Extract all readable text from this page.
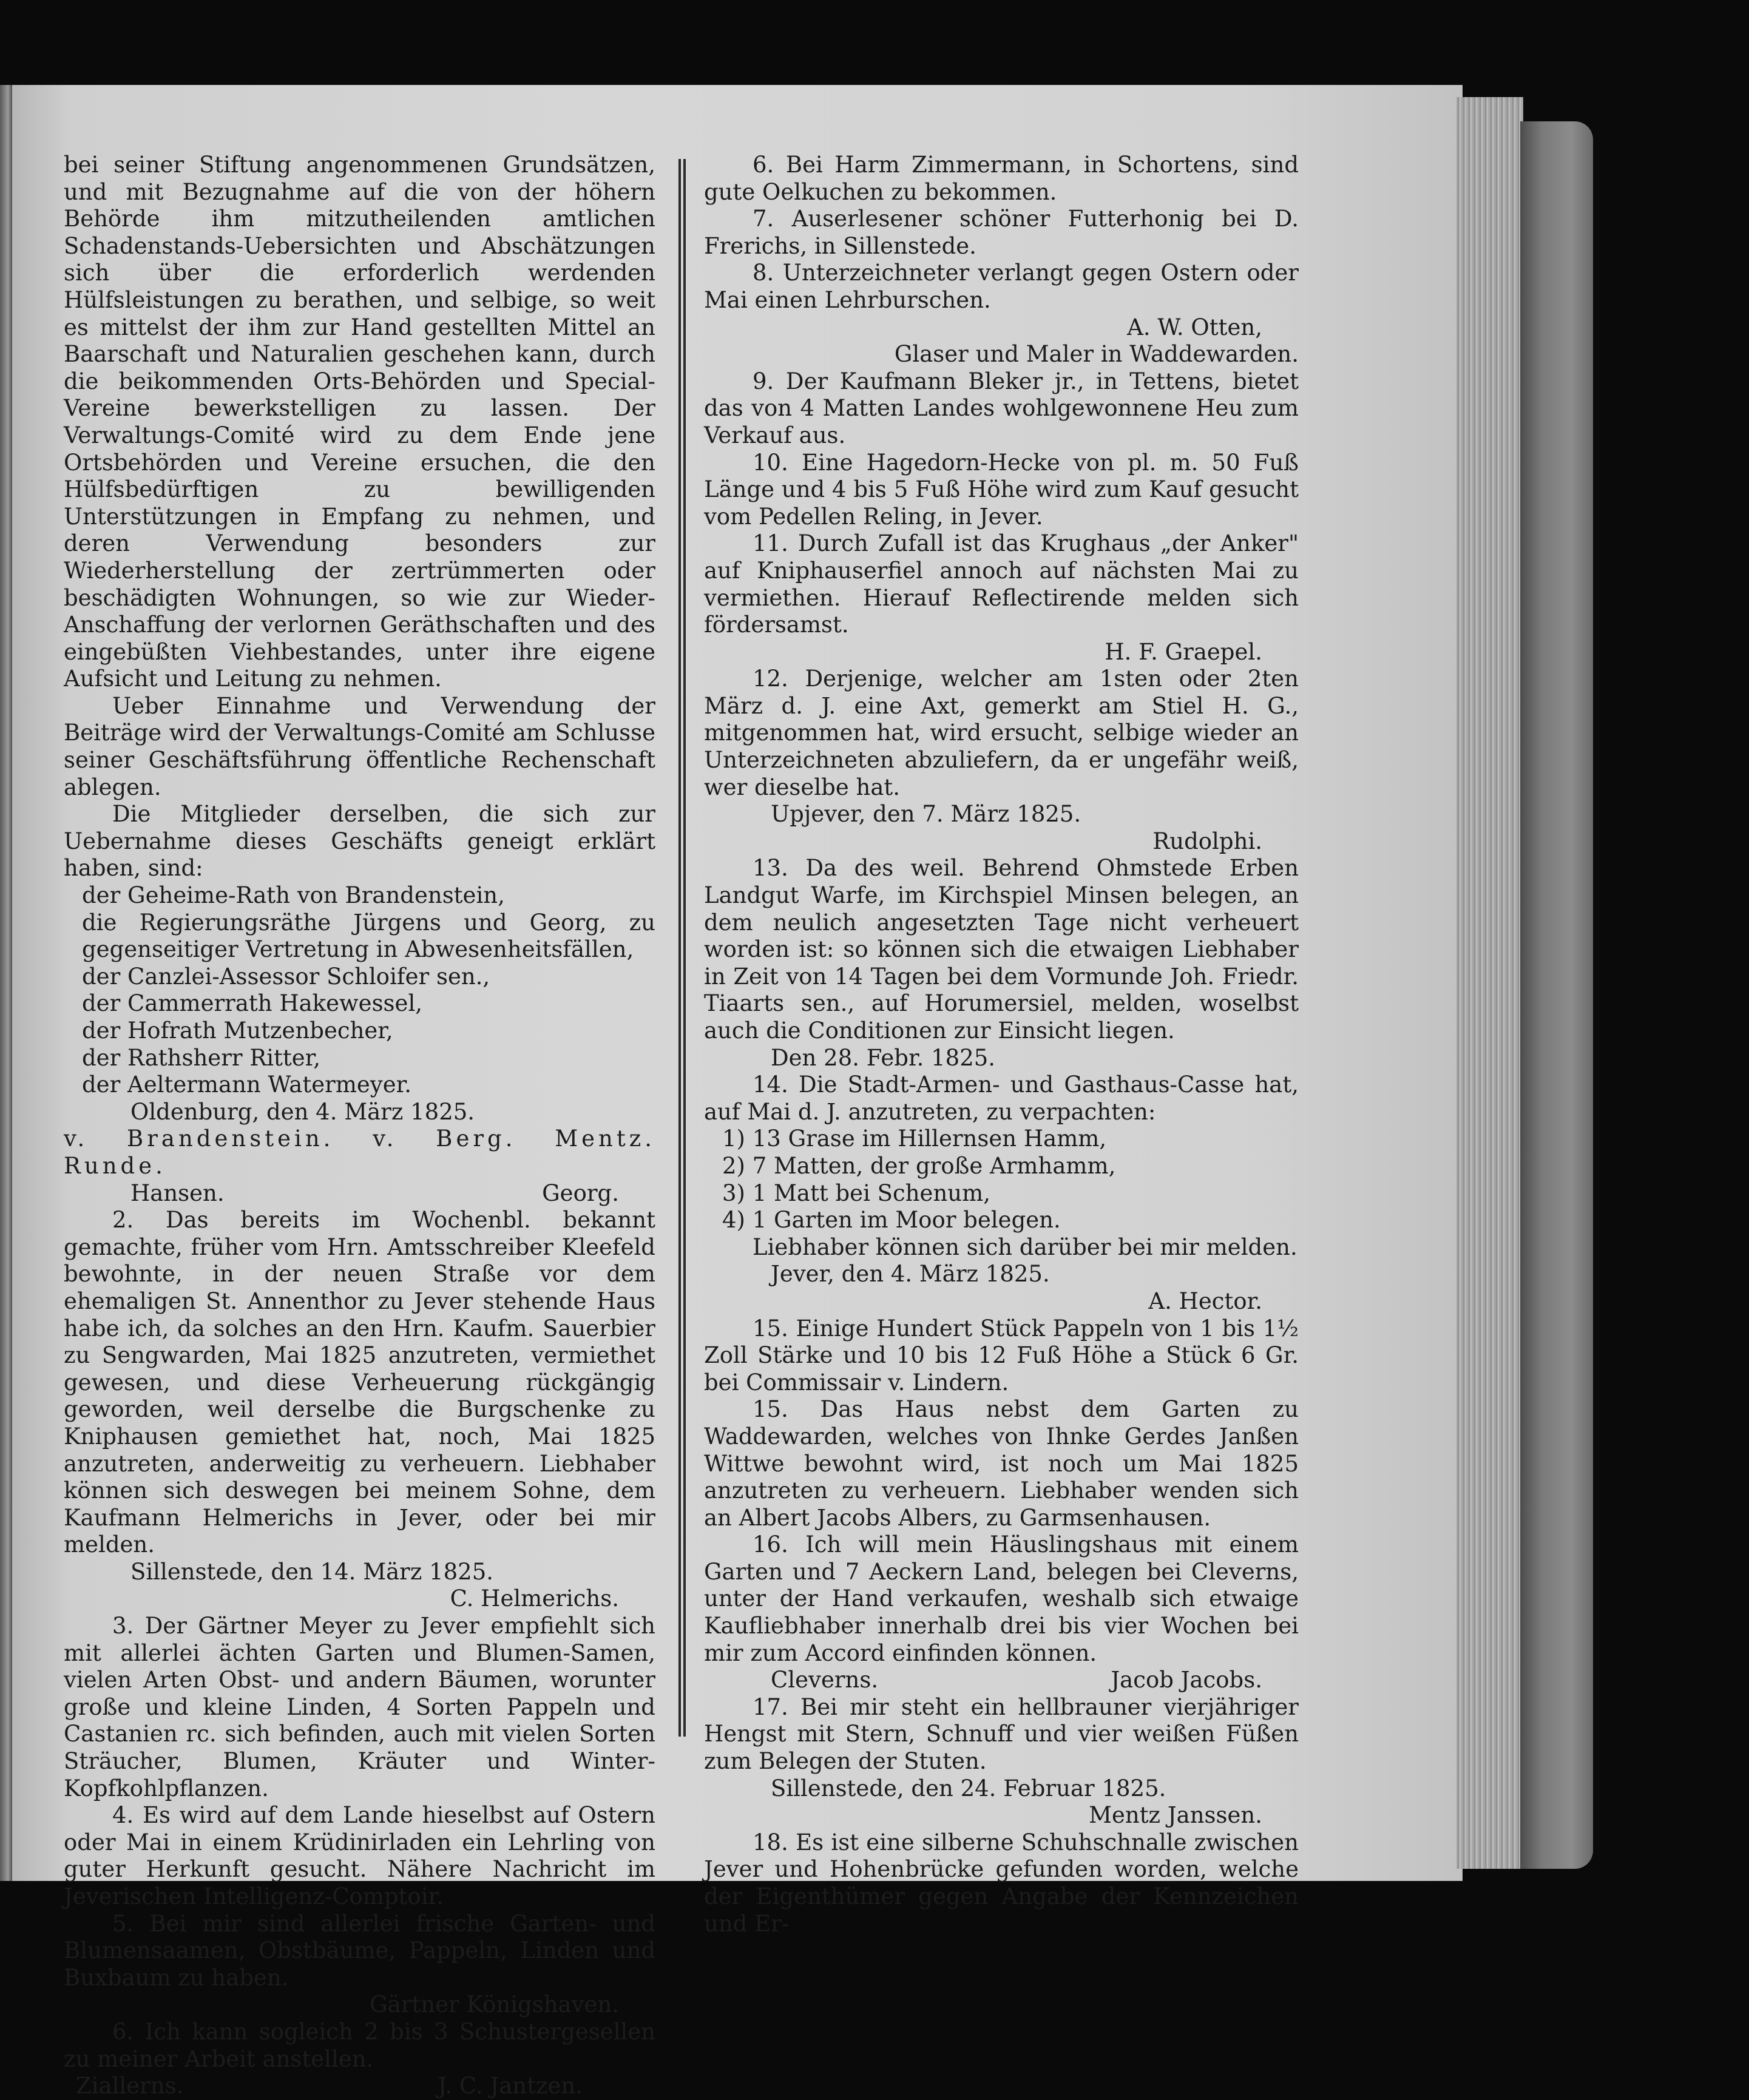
bei seiner Stiftung angenommenen Grundsätzen, und mit Bezugnahme auf die von der höhern Behörde ihm mitzutheilenden amtlichen Schadenstands-Uebersichten und Abschätzungen sich über die erforderlich werdenden Hülfsleistungen zu berathen, und selbige, so weit es mittelst der ihm zur Hand gestellten Mittel an Baarschaft und Naturalien geschehen kann, durch die beikommenden Orts-Behörden und Special-Vereine bewerkstelligen zu lassen. Der Verwaltungs-Comité wird zu dem Ende jene Ortsbehörden und Vereine ersuchen, die den Hülfsbedürftigen zu bewilligenden Unterstützungen in Empfang zu nehmen, und deren Verwendung besonders zur Wiederherstellung der zertrümmerten oder beschädigten Wohnungen, so wie zur Wieder-Anschaffung der verlornen Geräthschaften und des eingebüßten Viehbestandes, unter ihre eigene Aufsicht und Leitung zu nehmen.

Ueber Einnahme und Verwendung der Beiträge wird der Verwaltungs-Comité am Schlusse seiner Geschäftsführung öffentliche Rechenschaft ablegen.

Die Mitglieder derselben, die sich zur Uebernahme dieses Geschäfts geneigt erklärt haben, sind:

der Geheime-Rath von Brandenstein,

die Regierungsräthe Jürgens und Georg, zu gegenseitiger Vertretung in Abwesenheitsfällen,

der Canzlei-Assessor Schloifer sen.,

der Cammerrath Hakewessel,

der Hofrath Mutzenbecher,

der Rathsherr Ritter,

der Aeltermann Watermeyer.

Oldenburg, den 4. März 1825.

v. Brandenstein. v. Berg. Mentz. Runde.

Hansen.	Georg.

2. Das bereits im Wochenbl. bekannt gemachte, früher vom Hrn. Amtsschreiber Kleefeld bewohnte, in der neuen Straße vor dem ehemaligen St. Annenthor zu Jever stehende Haus habe ich, da solches an den Hrn. Kaufm. Sauerbier zu Sengwarden, Mai 1825 anzutreten, vermiethet gewesen, und diese Verheuerung rückgängig geworden, weil derselbe die Burgschenke zu Kniphausen gemiethet hat, noch, Mai 1825 anzutreten, anderweitig zu verheuern. Liebhaber können sich deswegen bei meinem Sohne, dem Kaufmann Helmerichs in Jever, oder bei mir melden.

Sillenstede, den 14. März 1825.

C. Helmerichs.

3. Der Gärtner Meyer zu Jever empfiehlt sich mit allerlei ächten Garten und Blumen-Samen, vielen Arten Obst- und andern Bäumen, worunter große und kleine Linden, 4 Sorten Pappeln und Castanien rc. sich befinden, auch mit vielen Sorten Sträucher, Blumen, Kräuter und Winter-Kopfkohlpflanzen.

4. Es wird auf dem Lande hieselbst auf Ostern oder Mai in einem Krüdinirladen ein Lehrling von guter Herkunft gesucht. Nähere Nachricht im Jeverischen Intelligenz-Comptoir.

5. Bei mir sind allerlei frische Garten- und Blumensaamen, Obstbäume, Pappeln, Linden und Buxbaum zu haben.

Gärtner Königshaven.

6. Ich kann sogleich 2 bis 3 Schustergesellen zu meiner Arbeit anstellen.

Ziallerns.	J. C. Jantzen.

6. Bei Harm Zimmermann, in Schortens, sind gute Oelkuchen zu bekommen.

7. Auserlesener schöner Futterhonig bei D. Frerichs, in Sillenstede.

8. Unterzeichneter verlangt gegen Ostern oder Mai einen Lehrburschen.

A. W. Otten,

Glaser und Maler in Waddewarden.

9. Der Kaufmann Bleker jr., in Tettens, bietet das von 4 Matten Landes wohlgewonnene Heu zum Verkauf aus.

10. Eine Hagedorn-Hecke von pl. m. 50 Fuß Länge und 4 bis 5 Fuß Höhe wird zum Kauf gesucht vom Pedellen Reling, in Jever.

11. Durch Zufall ist das Krughaus „der Anker" auf Kniphauserfiel annoch auf nächsten Mai zu vermiethen. Hierauf Reflectirende melden sich fördersamst.

H. F. Graepel.

12. Derjenige, welcher am 1sten oder 2ten März d. J. eine Axt, gemerkt am Stiel H. G., mitgenommen hat, wird ersucht, selbige wieder an Unterzeichneten abzuliefern, da er ungefähr weiß, wer dieselbe hat.

Upjever, den 7. März 1825.

Rudolphi.

13. Da des weil. Behrend Ohmstede Erben Landgut Warfe, im Kirchspiel Minsen belegen, an dem neulich angesetzten Tage nicht verheuert worden ist: so können sich die etwaigen Liebhaber in Zeit von 14 Tagen bei dem Vormunde Joh. Friedr. Tiaarts sen., auf Horumersiel, melden, woselbst auch die Conditionen zur Einsicht liegen.

Den 28. Febr. 1825.

14. Die Stadt-Armen- und Gasthaus-Casse hat, auf Mai d. J. anzutreten, zu verpachten:

1) 13 Grase im Hillernsen Hamm,

2) 7 Matten, der große Armhamm,

3) 1 Matt bei Schenum,

4) 1 Garten im Moor belegen.

Liebhaber können sich darüber bei mir melden.

Jever, den 4. März 1825.

A. Hector.

15. Einige Hundert Stück Pappeln von 1 bis 1½ Zoll Stärke und 10 bis 12 Fuß Höhe a Stück 6 Gr. bei Commissair v. Lindern.

15. Das Haus nebst dem Garten zu Waddewarden, welches von Ihnke Gerdes Janßen Wittwe bewohnt wird, ist noch um Mai 1825 anzutreten zu verheuern. Liebhaber wenden sich an Albert Jacobs Albers, zu Garmsenhausen.

16. Ich will mein Häuslingshaus mit einem Garten und 7 Aeckern Land, belegen bei Cleverns, unter der Hand verkaufen, weshalb sich etwaige Kaufliebhaber innerhalb drei bis vier Wochen bei mir zum Accord einfinden können.

Cleverns.	Jacob Jacobs.

17. Bei mir steht ein hellbrauner vierjähriger Hengst mit Stern, Schnuff und vier weißen Füßen zum Belegen der Stuten.

Sillenstede, den 24. Februar 1825.

Mentz Janssen.

18. Es ist eine silberne Schuhschnalle zwischen Jever und Hohenbrücke gefunden worden, welche der Eigenthümer gegen Angabe der Kennzeichen und Er-
